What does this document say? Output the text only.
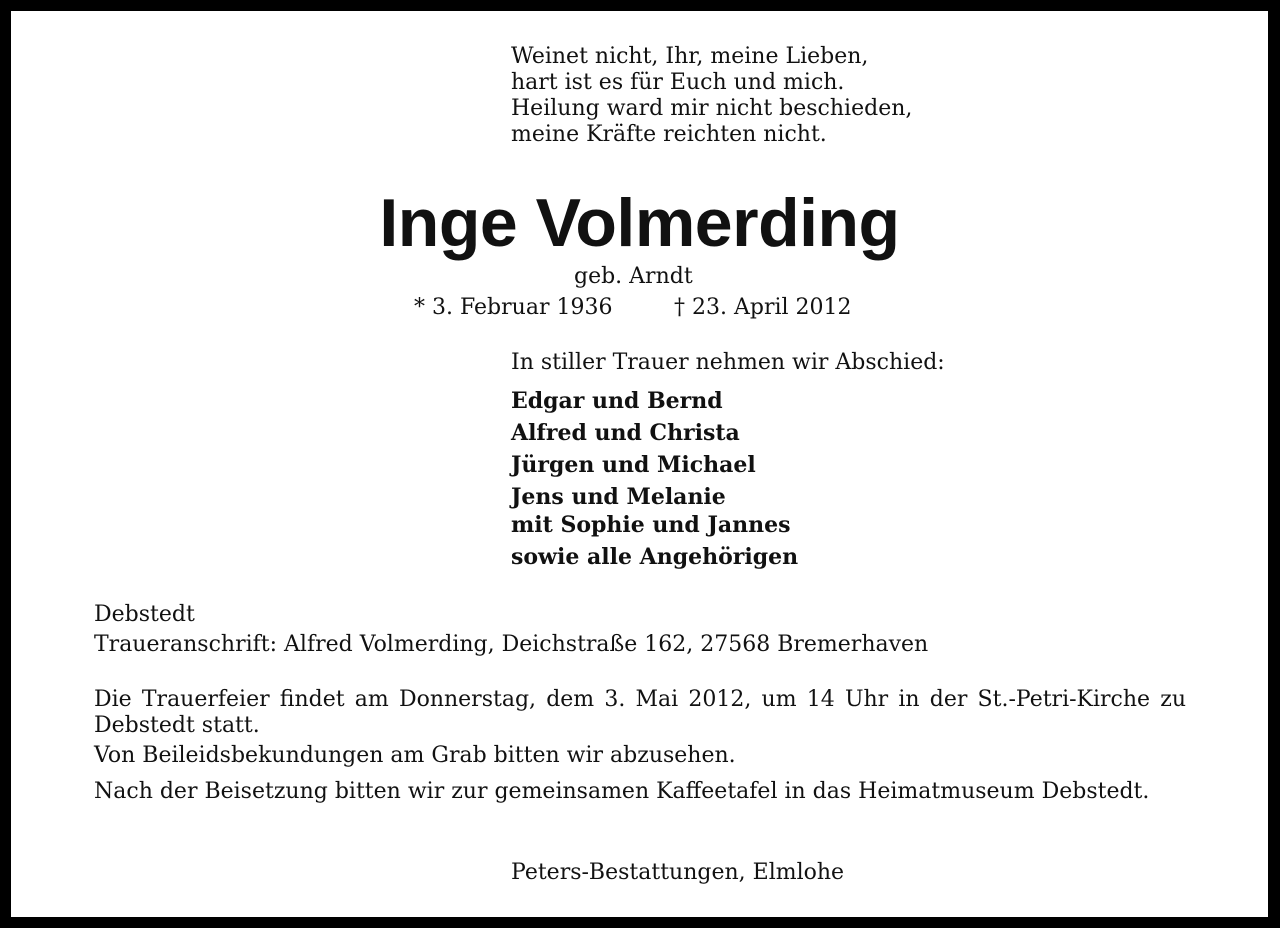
Weinet nicht, Ihr, meine Lieben,
hart ist es für Euch und mich.
Heilung ward mir nicht beschieden,
meine Kräfte reichten nicht.
Inge Volmerding
geb. Arndt
* 3. Februar 1936	† 23. April 2012
In stiller Trauer nehmen wir Abschied:
Edgar und Bernd
Alfred und Christa
Jürgen und Michael
Jens und Melanie
mit Sophie und Jannes
sowie alle Angehörigen
Debstedt
Traueranschrift: Alfred Volmerding, Deichstraße 162, 27568 Bremerhaven
Die Trauerfeier findet am Donnerstag, dem 3. Mai 2012, um 14 Uhr in der St.-Petri-Kirche zu Debstedt statt.
Von Beileidsbekundungen am Grab bitten wir abzusehen.
Nach der Beisetzung bitten wir zur gemeinsamen Kaffeetafel in das Heimatmuseum Debstedt.
Peters-Bestattungen, Elmlohe
